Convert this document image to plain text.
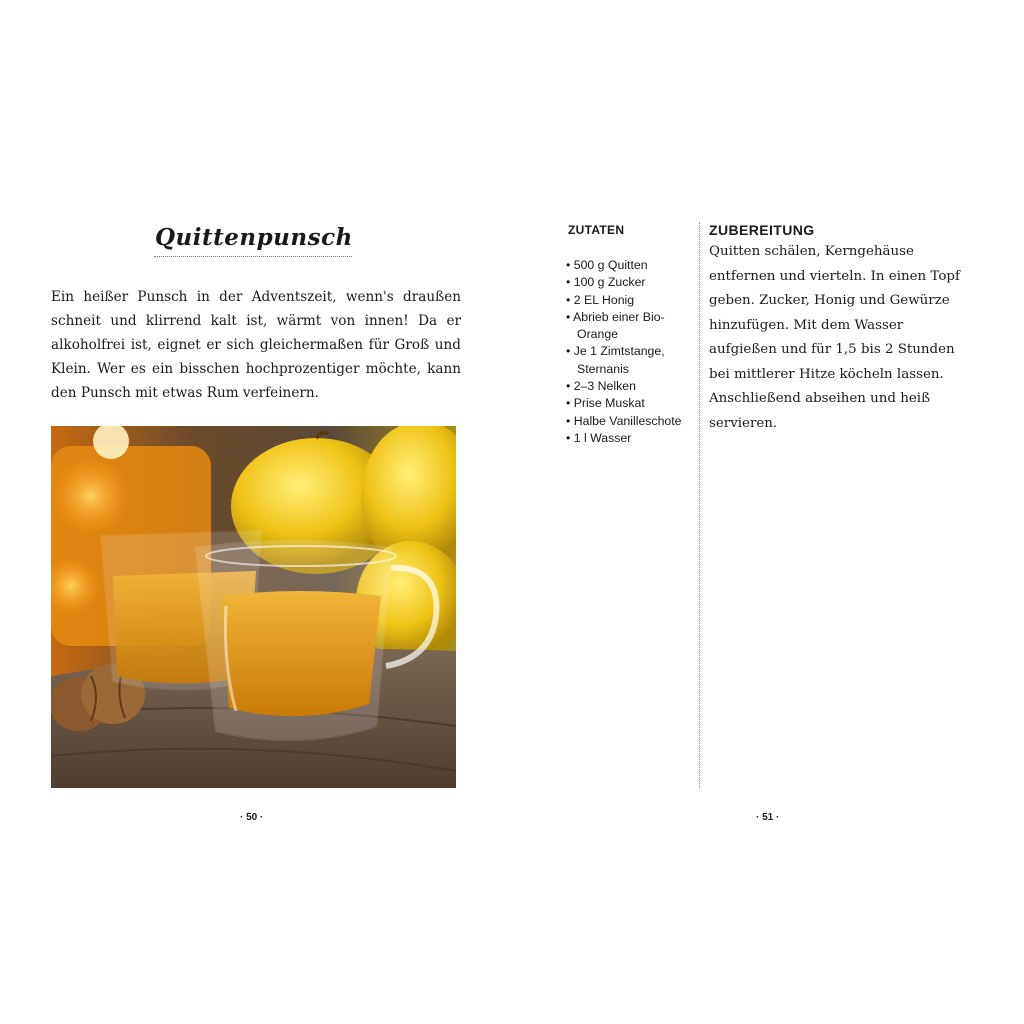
Quittenpunsch
Ein heißer Punsch in der Adventszeit, wenn's draußen schneit und klirrend kalt ist, wärmt von innen! Da er alkoholfrei ist, eignet er sich gleichermaßen für Groß und Klein. Wer es ein bisschen hochprozentiger möchte, kann den Punsch mit etwas Rum verfeinern.
· 50 ·
ZUTATEN
• 500 g Quitten
• 100 g Zucker
• 2 EL Honig
• Abrieb einer Bio-Orange
• Je 1 Zimtstange, Sternanis
• 2–3 Nelken
• Prise Muskat
• Halbe Vanilleschote
• 1 l Wasser
ZUBEREITUNG
Quitten schälen, Kerngehäuse entfernen und vierteln. In einen Topf geben. Zucker, Honig und Gewürze hinzufügen. Mit dem Wasser aufgießen und für 1,5 bis 2 Stunden bei mittlerer Hitze köcheln lassen. Anschließend abseihen und heiß servieren.
· 51 ·
